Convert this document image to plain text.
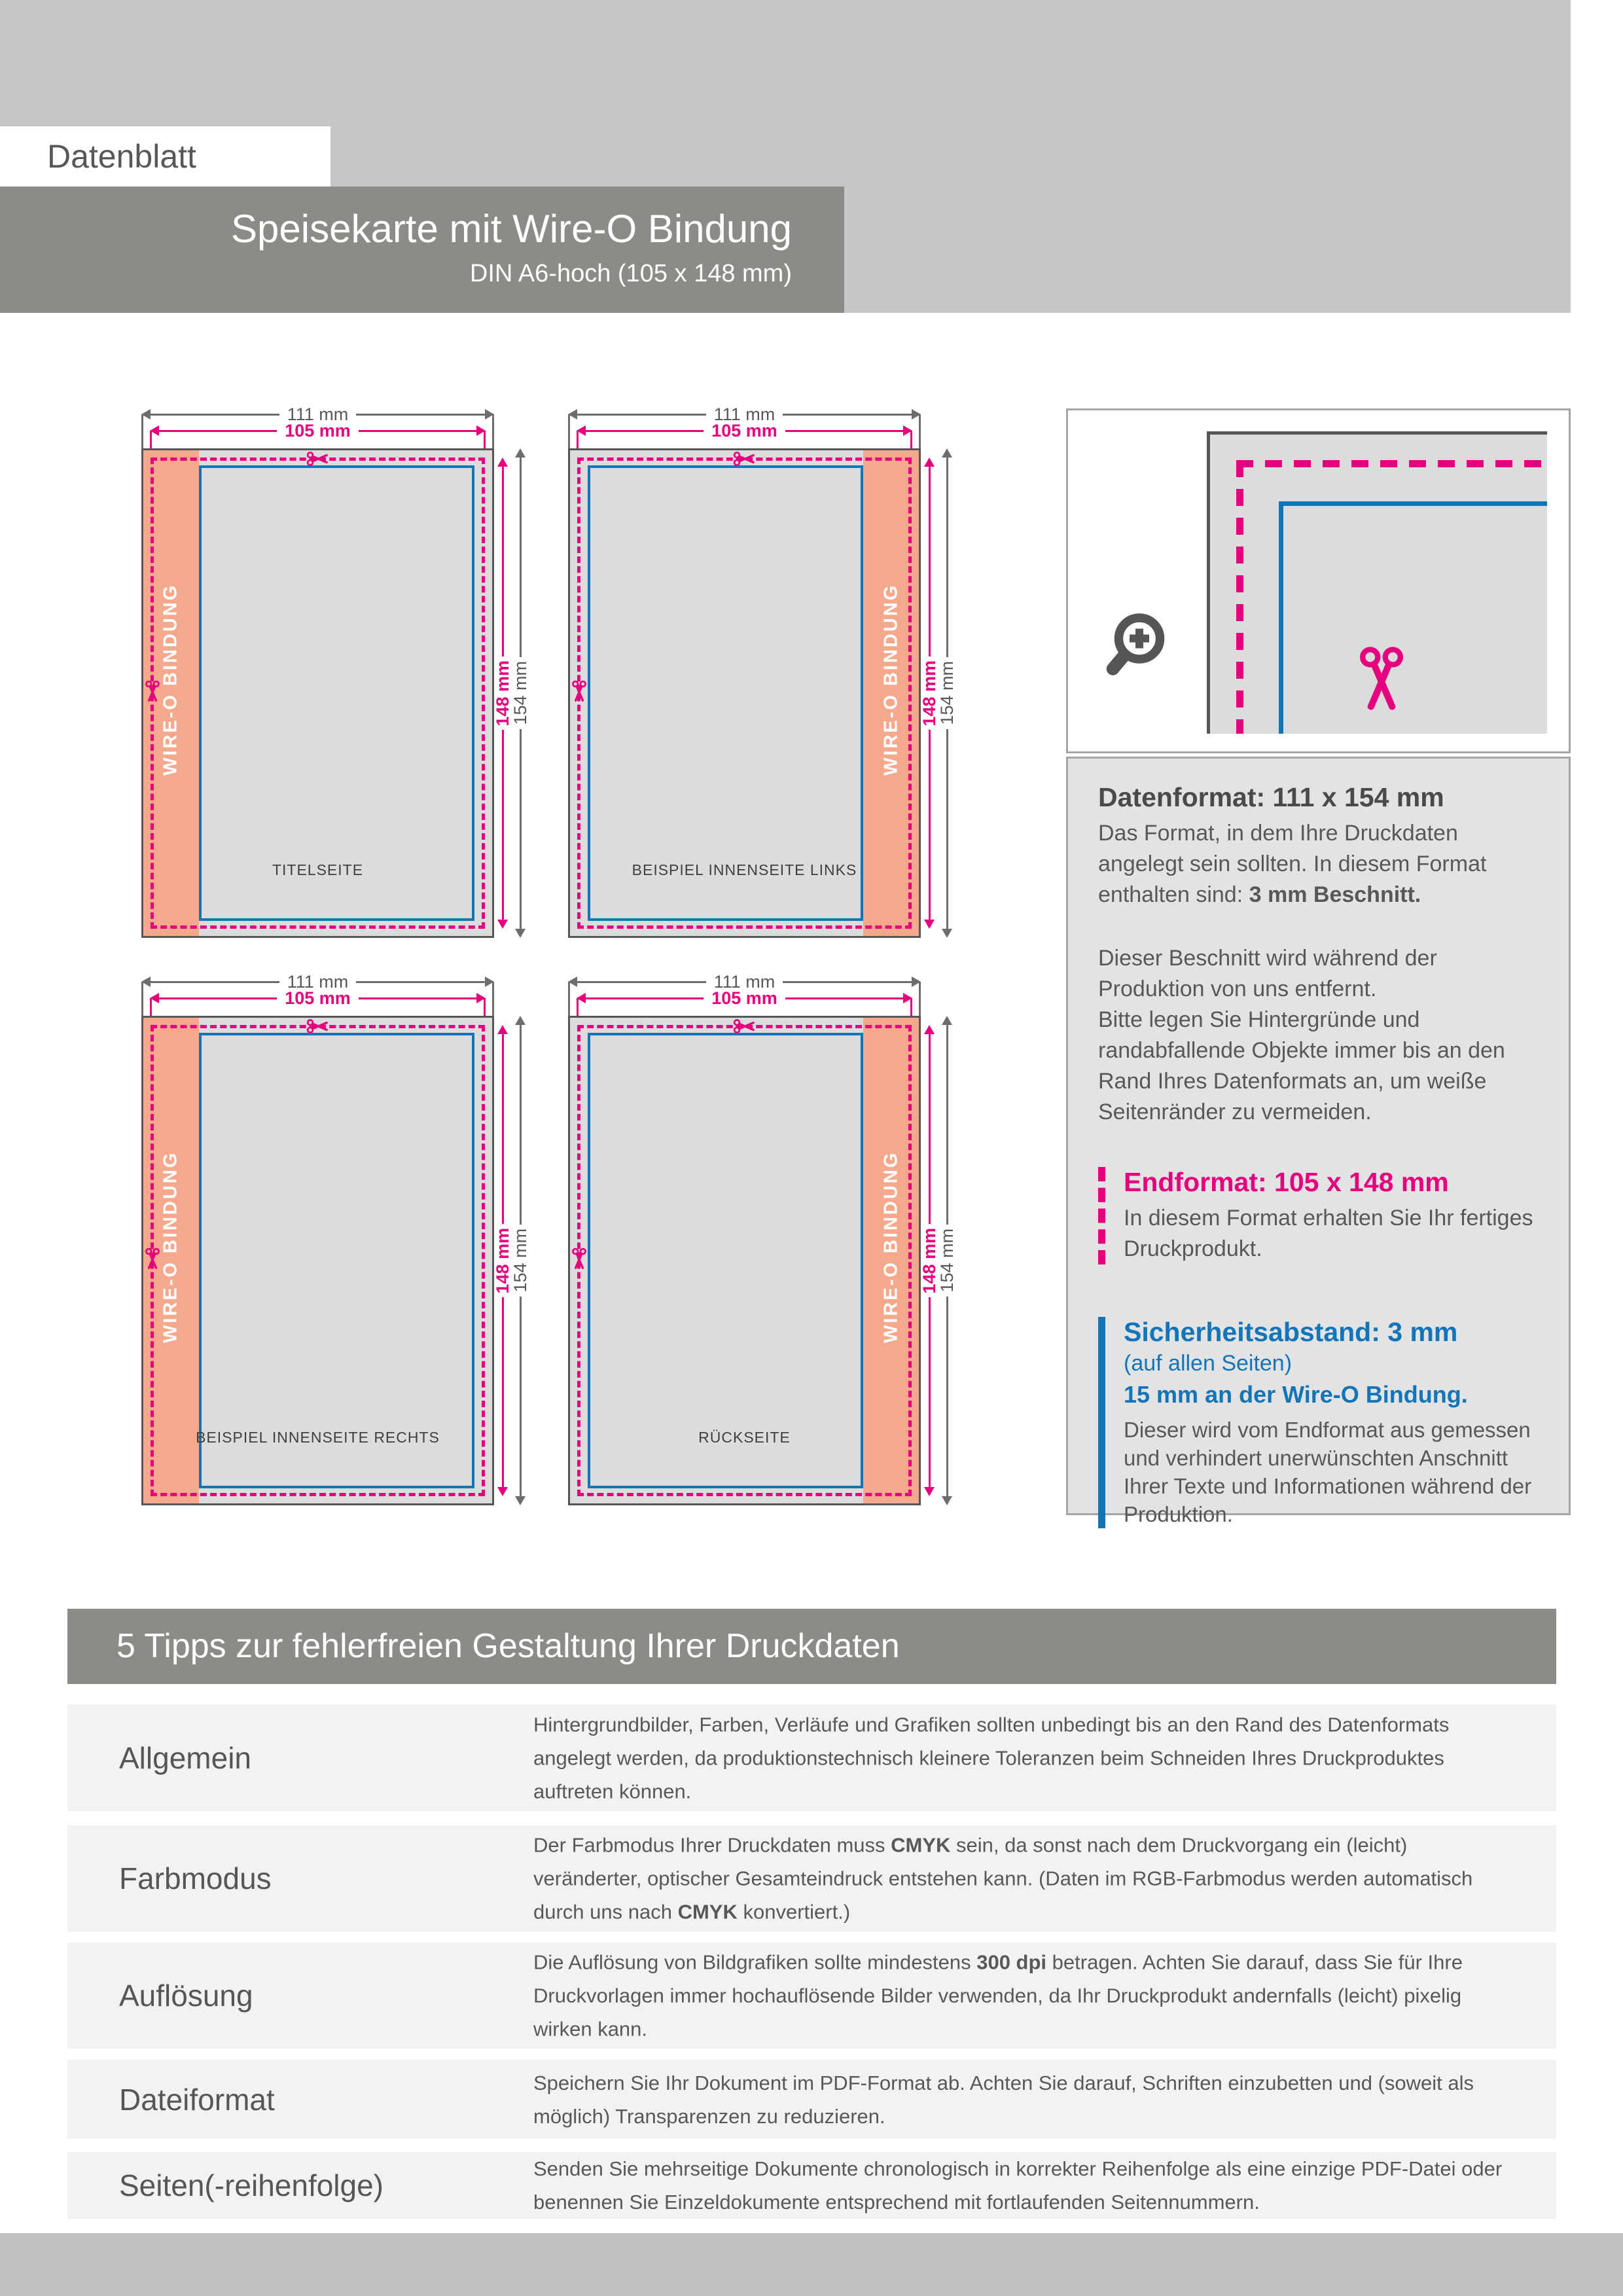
Datenblatt
Speisekarte mit Wire-O Bindung
DIN A6-hoch (105 x 148 mm)
111 mm
105 mm
WIRE-O BINDUNG
TITELSEITE
148 mm
154 mm
111 mm
105 mm
WIRE-O BINDUNG
BEISPIEL INNENSEITE LINKS
148 mm
154 mm
111 mm
105 mm
WIRE-O BINDUNG
BEISPIEL INNENSEITE RECHTS
148 mm
154 mm
111 mm
105 mm
WIRE-O BINDUNG
RÜCKSEITE
148 mm
154 mm
Datenformat: 111 x 154 mm

Das Format, in dem Ihre Druckdaten angelegt sein sollten. In diesem Format enthalten sind: 3 mm Beschnitt.

Dieser Beschnitt wird während der Produktion von uns entfernt.

Bitte legen Sie Hintergründe und randabfallende Objekte immer bis an den Rand Ihres Datenformats an, um weiße Seitenränder zu vermeiden.

Endformat: 105 x 148 mm

In diesem Format erhalten Sie Ihr fertiges Druckprodukt.

Sicherheitsabstand: 3 mm

(auf allen Seiten)

15 mm an der Wire-O Bindung.

Dieser wird vom Endformat aus gemessen und verhindert unerwünschten Anschnitt Ihrer Texte und Informationen während der Produktion.

5 Tipps zur fehlerfreien Gestaltung Ihrer Druckdaten
Allgemein
Hintergrundbilder, Farben, Verläufe und Grafiken sollten unbedingt bis an den Rand des Datenformats angelegt werden, da produktionstechnisch kleinere Toleranzen beim Schneiden Ihres Druckproduktes auftreten können.
Farbmodus
Der Farbmodus Ihrer Druckdaten muss CMYK sein, da sonst nach dem Druckvorgang ein (leicht) veränderter, optischer Gesamteindruck entstehen kann. (Daten im RGB-Farbmodus werden automatisch durch uns nach CMYK konvertiert.)
Auflösung
Die Auflösung von Bildgrafiken sollte mindestens 300 dpi betragen. Achten Sie darauf, dass Sie für Ihre Druckvorlagen immer hochauflösende Bilder verwenden, da Ihr Druckprodukt andernfalls (leicht) pixelig wirken kann.
Dateiformat	Speichern Sie Ihr Dokument im PDF-Format ab. Achten Sie darauf, Schriften einzubetten und (soweit als möglich) Transparenzen zu reduzieren.
Seiten(-reihenfolge)	Senden Sie mehrseitige Dokumente chronologisch in korrekter Reihenfolge als eine einzige PDF-Datei oder benennen Sie Einzeldokumente entsprechend mit fortlaufenden Seitennummern.
